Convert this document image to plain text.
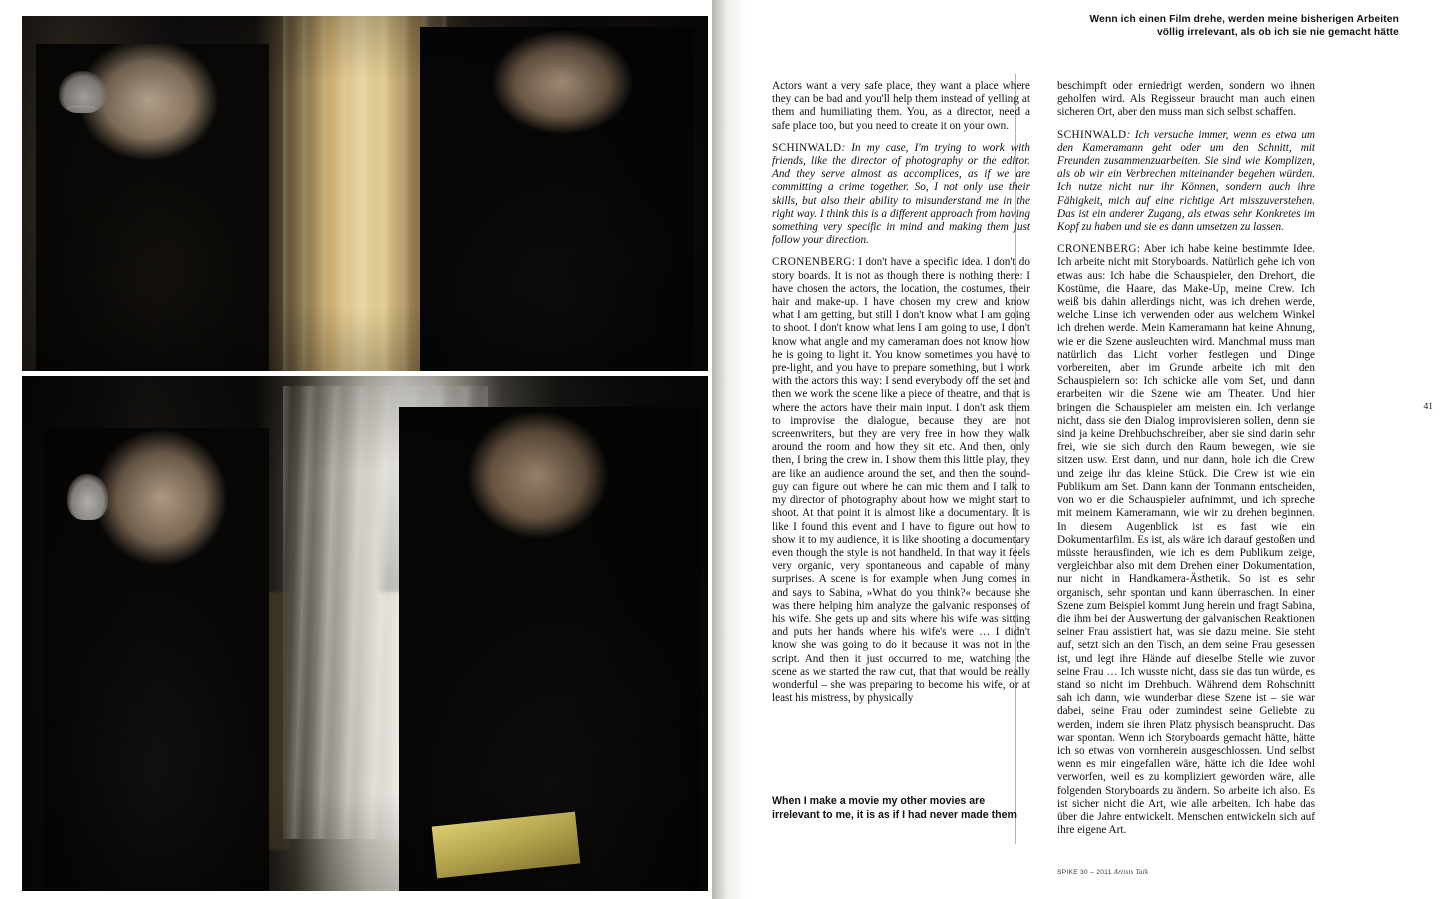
Wenn ich einen Film drehe, werden meine bisherigen Arbeiten völlig irrelevant, als ob ich sie nie gemacht hätte
41

Actors want a very safe place, they want a place where they can be bad and you'll help them instead of yelling at them and humiliating them. You, as a director, need a safe place too, but you need to create it on your own.

SCHINWALD: In my case, I'm trying to work with friends, like the director of photography or the editor. And they serve almost as accomplices, as if we are committing a crime together. So, I not only use their skills, but also their ability to misunderstand me in the right way. I think this is a different approach from having something very specific in mind and making them just follow your direction.

CRONENBERG: I don't have a specific idea. I don't do story boards. It is not as though there is nothing there: I have chosen the actors, the location, the costumes, their hair and make-up. I have chosen my crew and know what I am getting, but still I don't know what I am going to shoot. I don't know what lens I am going to use, I don't know what angle and my cameraman does not know how he is going to light it. You know sometimes you have to pre-light, and you have to prepare something, but I work with the actors this way: I send everybody off the set and then we work the scene like a piece of theatre, and that is where the actors have their main input. I don't ask them to improvise the dialogue, because they are not screenwriters, but they are very free in how they walk around the room and how they sit etc. And then, only then, I bring the crew in. I show them this little play, they are like an audience around the set, and then the sound-guy can figure out where he can mic them and I talk to my director of photography about how we might start to shoot. At that point it is almost like a documentary. It is like I found this event and I have to figure out how to show it to my audience, it is like shooting a documentary even though the style is not handheld. In that way it feels very organic, very spontaneous and capable of many surprises. A scene is for example when Jung comes in and says to Sabina, »What do you think?« because she was there helping him analyze the galvanic responses of his wife. She gets up and sits where his wife was sitting and puts her hands where his wife's were … I didn't know she was going to do it because it was not in the script. And then it just occurred to me, watching the scene as we started the raw cut, that that would be really wonderful – she was preparing to become his wife, or at least his mistress, by physically

beschimpft oder erniedrigt werden, sondern wo ihnen geholfen wird. Als Regisseur braucht man auch einen sicheren Ort, aber den muss man sich selbst schaffen.

SCHINWALD: Ich versuche immer, wenn es etwa um den Kameramann geht oder um den Schnitt, mit Freunden zusammenzuarbeiten. Sie sind wie Komplizen, als ob wir ein Verbrechen miteinander begehen würden. Ich nutze nicht nur ihr Können, sondern auch ihre Fähigkeit, mich auf eine richtige Art misszuverstehen. Das ist ein anderer Zugang, als etwas sehr Konkretes im Kopf zu haben und sie es dann umsetzen zu lassen.

CRONENBERG: Aber ich habe keine bestimmte Idee. Ich arbeite nicht mit Storyboards. Natürlich gehe ich von etwas aus: Ich habe die Schauspieler, den Drehort, die Kostüme, die Haare, das Make-Up, meine Crew. Ich weiß bis dahin allerdings nicht, was ich drehen werde, welche Linse ich verwenden oder aus welchem Winkel ich drehen werde. Mein Kameramann hat keine Ahnung, wie er die Szene ausleuchten wird. Manchmal muss man natürlich das Licht vorher festlegen und Dinge vorbereiten, aber im Grunde arbeite ich mit den Schauspielern so: Ich schicke alle vom Set, und dann erarbeiten wir die Szene wie am Theater. Und hier bringen die Schauspieler am meisten ein. Ich verlange nicht, dass sie den Dialog improvisieren sollen, denn sie sind ja keine Drehbuchschreiber, aber sie sind darin sehr frei, wie sie sich durch den Raum bewegen, wie sie sitzen usw. Erst dann, und nur dann, hole ich die Crew und zeige ihr das kleine Stück. Die Crew ist wie ein Publikum am Set. Dann kann der Tonmann entscheiden, von wo er die Schauspieler aufnimmt, und ich spreche mit meinem Kameramann, wie wir zu drehen beginnen. In diesem Augenblick ist es fast wie ein Dokumentarfilm. Es ist, als wäre ich darauf gestoßen und müsste herausfinden, wie ich es dem Publikum zeige, vergleichbar also mit dem Drehen einer Dokumentation, nur nicht in Handkamera-Ästhetik. So ist es sehr organisch, sehr spontan und kann überraschen. In einer Szene zum Beispiel kommt Jung herein und fragt Sabina, die ihm bei der Auswertung der galvanischen Reaktionen seiner Frau assistiert hat, was sie dazu meine. Sie steht auf, setzt sich an den Tisch, an dem seine Frau gesessen ist, und legt ihre Hände auf dieselbe Stelle wie zuvor seine Frau … Ich wusste nicht, dass sie das tun würde, es stand so nicht im Drehbuch. Während dem Rohschnitt sah ich dann, wie wunderbar diese Szene ist – sie war dabei, seine Frau oder zumindest seine Geliebte zu werden, indem sie ihren Platz physisch beansprucht. Das war spontan. Wenn ich Storyboards gemacht hätte, hätte ich so etwas von vornherein ausgeschlossen. Und selbst wenn es mir eingefallen wäre, hätte ich die Idee wohl verworfen, weil es zu kompliziert geworden wäre, alle folgenden Storyboards zu ändern. So arbeite ich also. Es ist sicher nicht die Art, wie alle arbeiten. Ich habe das über die Jahre entwickelt. Menschen entwickeln sich auf ihre eigene Art.

When I make a movie my other movies are irrelevant to me, it is as if I had never made them
SPIKE 30 – 2011 Artists Talk
